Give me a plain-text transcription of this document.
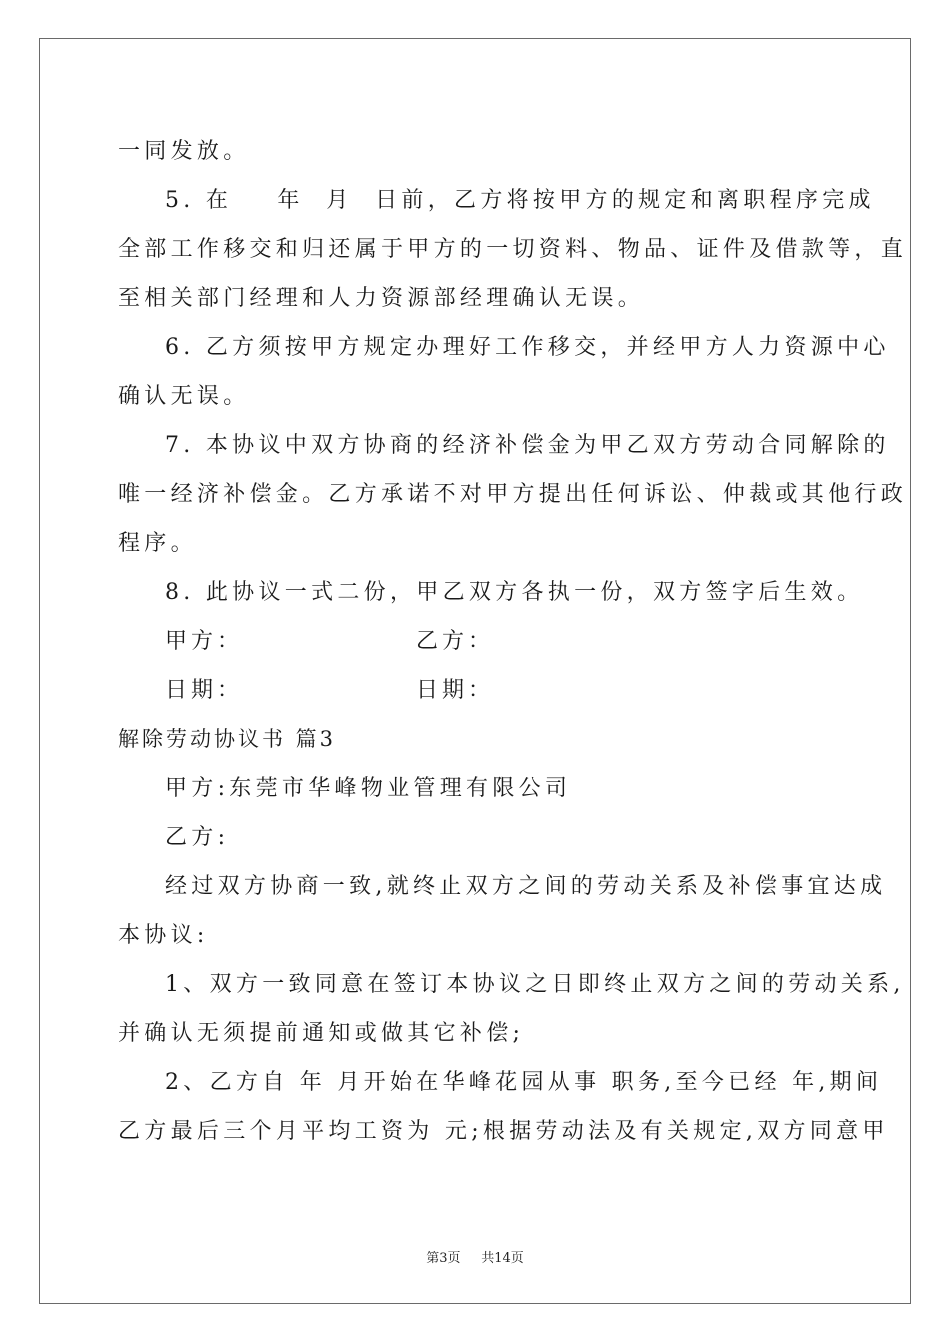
一同发放。
5. 在    年  月  日前，乙方将按甲方的规定和离职程序完成
全部工作移交和归还属于甲方的一切资料、物品、证件及借款等，直
至相关部门经理和人力资源部经理确认无误。
6. 乙方须按甲方规定办理好工作移交，并经甲方人力资源中心
确认无误。
7. 本协议中双方协商的经济补偿金为甲乙双方劳动合同解除的
唯一经济补偿金。乙方承诺不对甲方提出任何诉讼、仲裁或其他行政
程序。
8. 此协议一式二份，甲乙双方各执一份，双方签字后生效。
甲方：	乙方：
日期：	日期：
解除劳动协议书 篇3
甲方:东莞市华峰物业管理有限公司
乙方:
经过双方协商一致,就终止双方之间的劳动关系及补偿事宜达成
本协议:
1、双方一致同意在签订本协议之日即终止双方之间的劳动关系,
并确认无须提前通知或做其它补偿;
2、乙方自 年 月开始在华峰花园从事 职务,至今已经 年,期间
乙方最后三个月平均工资为 元;根据劳动法及有关规定,双方同意甲
第3页 共14页
